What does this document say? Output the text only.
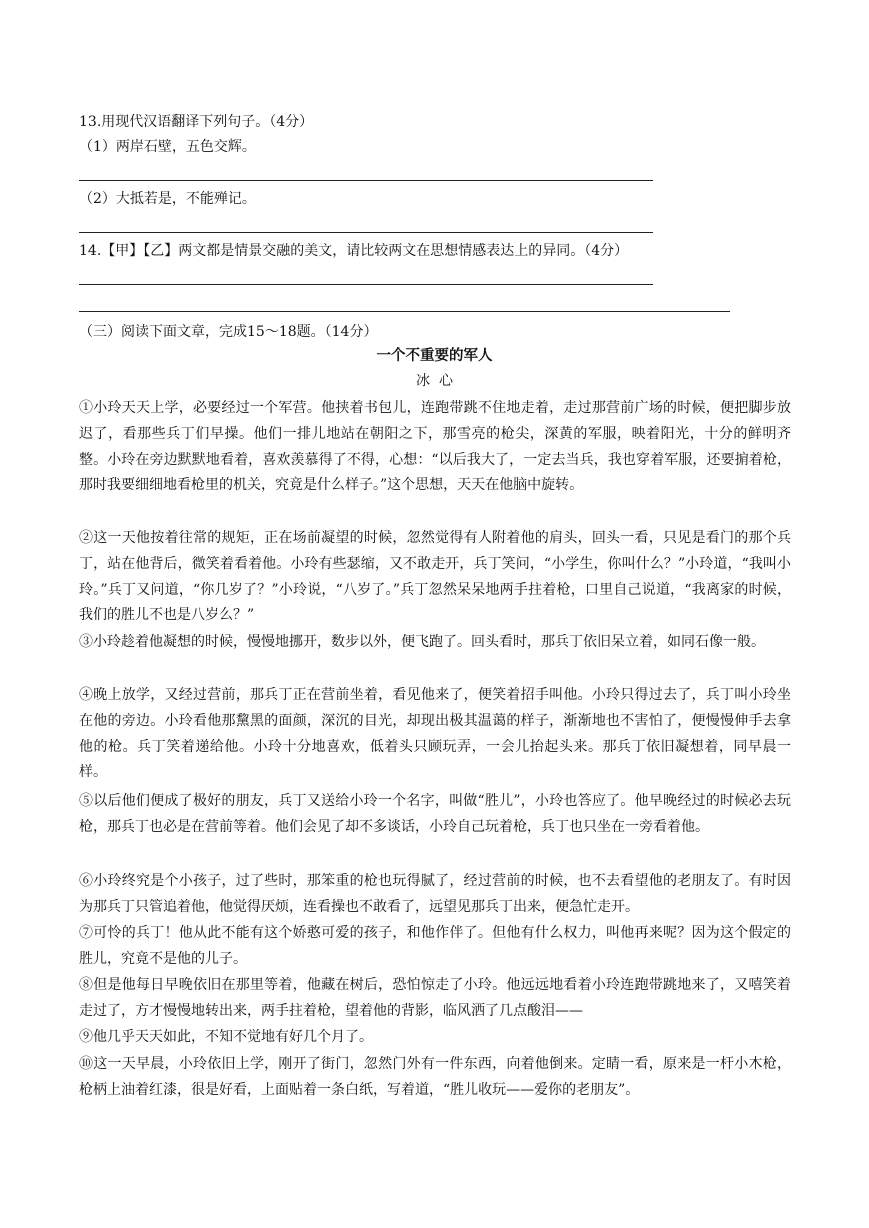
13.用现代汉语翻译下列句子。（4分）
（1）两岸石壁，五色交辉。
（2）大抵若是，不能殚记。
14.【甲】【乙】两文都是情景交融的美文，请比较两文在思想情感表达上的异同。（4分）
（三）阅读下面文章，完成15～18题。（14分）
一个不重要的军人
冰  心

①小玲天天上学，必要经过一个军营。他挟着书包儿，连跑带跳不住地走着，走过那营前广场的时候，便把脚步放迟了，看那些兵丁们早操。他们一排儿地站在朝阳之下，那雪亮的枪尖，深黄的军服，映着阳光，十分的鲜明齐整。小玲在旁边默默地看着，喜欢羡慕得了不得，心想：“以后我大了，一定去当兵，我也穿着军服，还要掮着枪，那时我要细细地看枪里的机关，究竟是什么样子。”这个思想，天天在他脑中旋转。

②这一天他按着往常的规矩，正在场前凝望的时候，忽然觉得有人附着他的肩头，回头一看，只见是看门的那个兵丁，站在他背后，微笑着看着他。小玲有些瑟缩，又不敢走开，兵丁笑问，“小学生，你叫什么？”小玲道，“我叫小玲。”兵丁又问道，“你几岁了？”小玲说，“八岁了。”兵丁忽然呆呆地两手拄着枪，口里自己说道，“我离家的时候，我们的胜儿不也是八岁么？”

③小玲趁着他凝想的时候，慢慢地挪开，数步以外，便飞跑了。回头看时，那兵丁依旧呆立着，如同石像一般。

④晚上放学，又经过营前，那兵丁正在营前坐着，看见他来了，便笑着招手叫他。小玲只得过去了，兵丁叫小玲坐在他的旁边。小玲看他那黧黑的面颜，深沉的目光，却现出极其温蔼的样子，渐渐地也不害怕了，便慢慢伸手去拿他的枪。兵丁笑着递给他。小玲十分地喜欢，低着头只顾玩弄，一会儿抬起头来。那兵丁依旧凝想着，同早晨一样。

⑤以后他们便成了极好的朋友，兵丁又送给小玲一个名字，叫做“胜儿”，小玲也答应了。他早晚经过的时候必去玩枪，那兵丁也必是在营前等着。他们会见了却不多谈话，小玲自己玩着枪，兵丁也只坐在一旁看着他。

⑥小玲终究是个小孩子，过了些时，那笨重的枪也玩得腻了，经过营前的时候，也不去看望他的老朋友了。有时因为那兵丁只管追着他，他觉得厌烦，连看操也不敢看了，远望见那兵丁出来，便急忙走开。

⑦可怜的兵丁！他从此不能有这个娇憨可爱的孩子，和他作伴了。但他有什么权力，叫他再来呢？因为这个假定的胜儿，究竟不是他的儿子。

⑧但是他每日早晚依旧在那里等着，他藏在树后，恐怕惊走了小玲。他远远地看着小玲连跑带跳地来了，又嘻笑着走过了，方才慢慢地转出来，两手拄着枪，望着他的背影，临风洒了几点酸泪——

⑨他几乎天天如此，不知不觉地有好几个月了。

⑩这一天早晨，小玲依旧上学，刚开了街门，忽然门外有一件东西，向着他倒来。定睛一看，原来是一杆小木枪，枪柄上油着红漆，很是好看，上面贴着一条白纸，写着道，“胜儿收玩——爱你的老朋友”。
